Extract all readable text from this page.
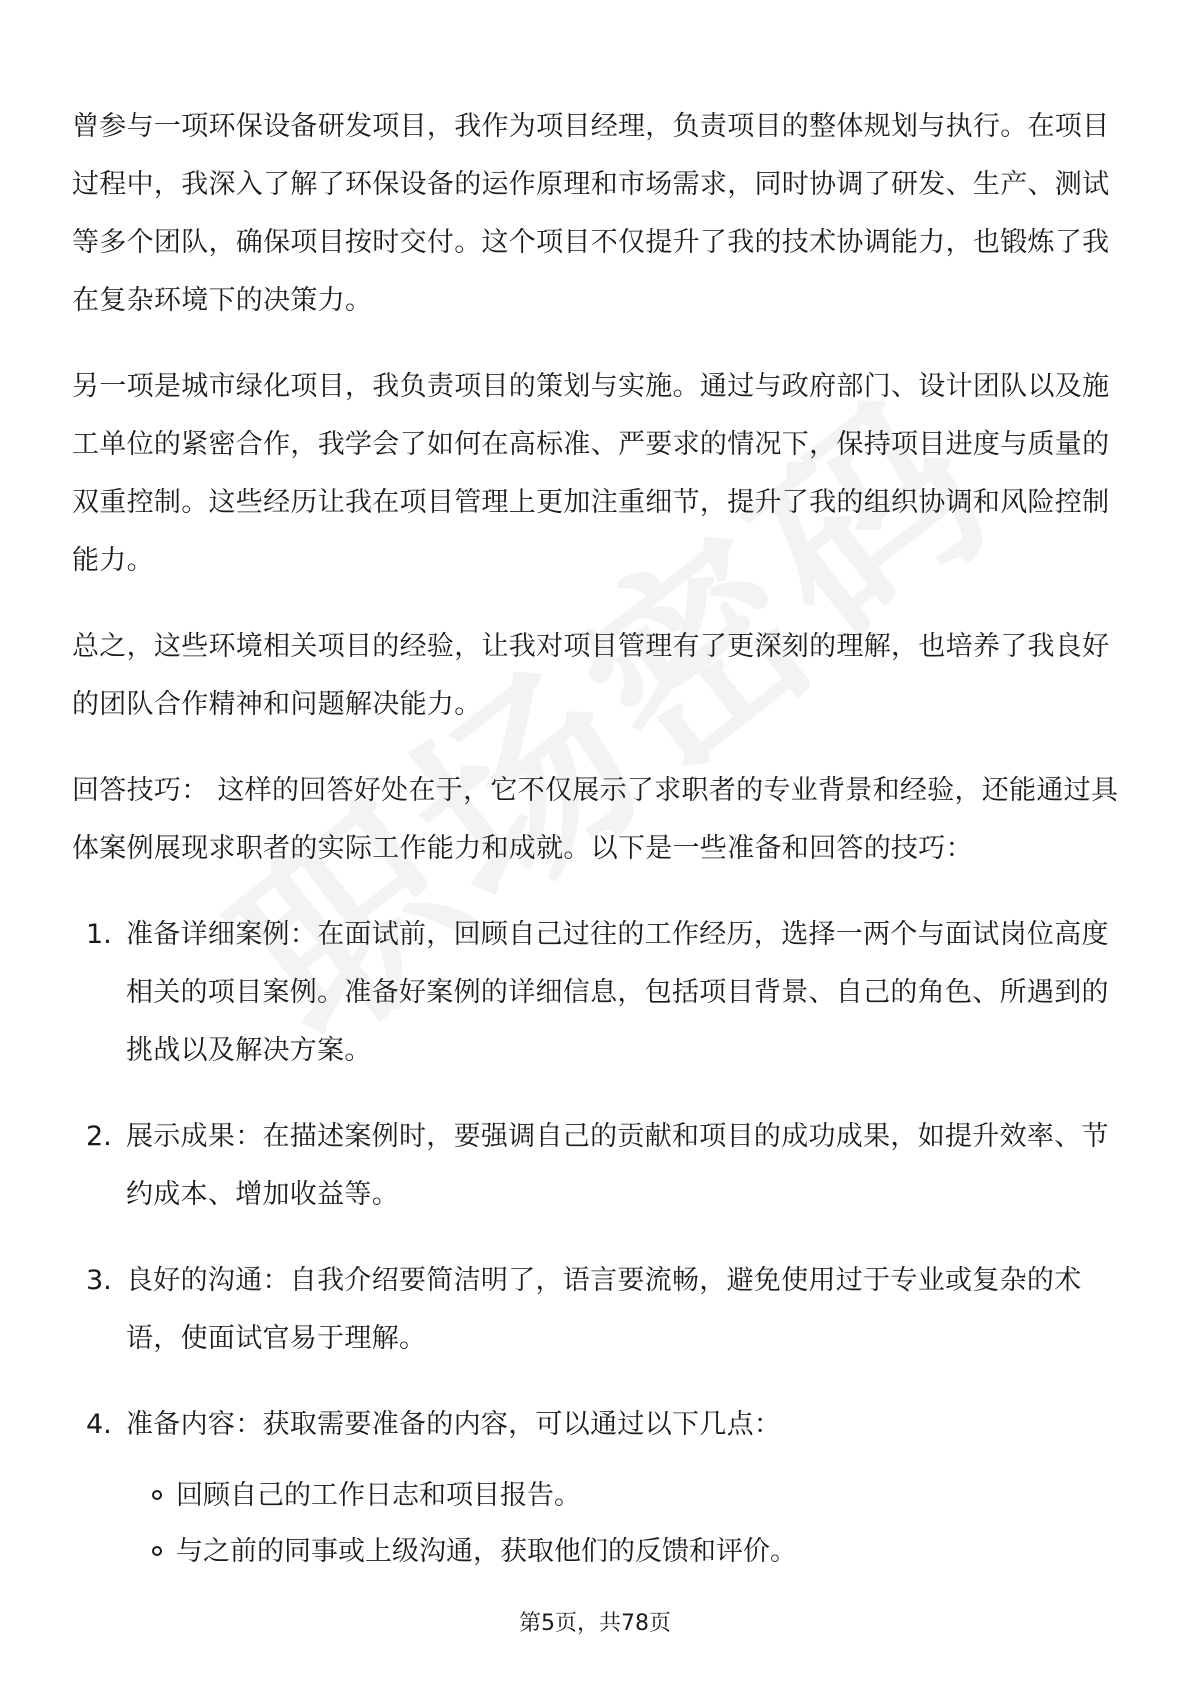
曾参与一项环保设备研发项目，我作为项目经理，负责项目的整体规划与执行。在项目过程中，我深入了解了环保设备的运作原理和市场需求，同时协调了研发、生产、测试等多个团队，确保项目按时交付。这个项目不仅提升了我的技术协调能力，也锻炼了我在复杂环境下的决策力。

另一项是城市绿化项目，我负责项目的策划与实施。通过与政府部门、设计团队以及施工单位的紧密合作，我学会了如何在高标准、严要求的情况下，保持项目进度与质量的双重控制。这些经历让我在项目管理上更加注重细节，提升了我的组织协调和风险控制能力。

总之，这些环境相关项目的经验，让我对项目管理有了更深刻的理解，也培养了我良好的团队合作精神和问题解决能力。

回答技巧： 这样的回答好处在于，它不仅展示了求职者的专业背景和经验，还能通过具体案例展现求职者的实际工作能力和成就。以下是一些准备和回答的技巧：

1. 准备详细案例：在面试前，回顾自己过往的工作经历，选择一两个与面试岗位高度相关的项目案例。准备好案例的详细信息，包括项目背景、自己的角色、所遇到的挑战以及解决方案。
2. 展示成果：在描述案例时，要强调自己的贡献和项目的成功成果，如提升效率、节约成本、增加收益等。
3. 良好的沟通：自我介绍要简洁明了，语言要流畅，避免使用过于专业或复杂的术语，使面试官易于理解。
4. 准备内容：获取需要准备的内容，可以通过以下几点：
回顾自己的工作日志和项目报告。
与之前的同事或上级沟通，获取他们的反馈和评价。
第5页，共78页
